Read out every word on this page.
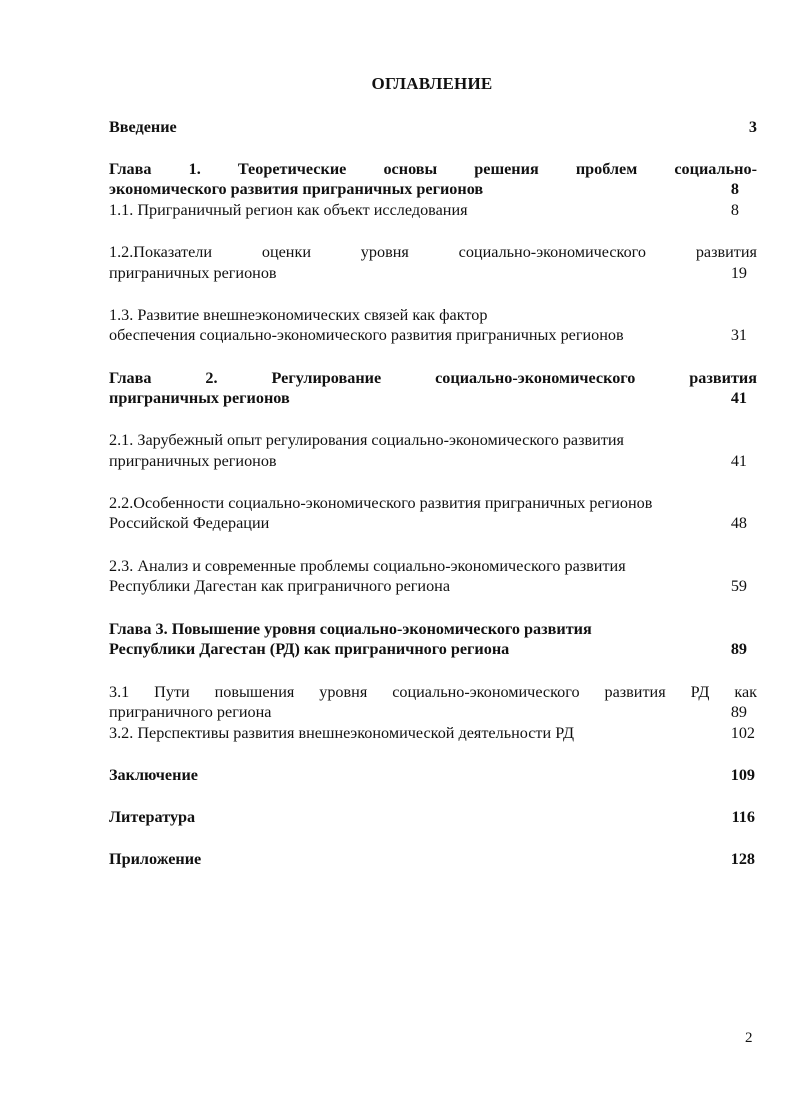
ОГЛАВЛЕНИЕ
Введение	3
Глава 1. Теоретические основы решения проблем социально-
экономического развития приграничных регионов	8
1.1. Приграничный регион как объект исследования	8
1.2.Показатели оценки уровня социально-экономического развития
приграничных регионов	19
1.3. Развитие внешнеэкономических связей как фактор
обеспечения социально-экономического развития приграничных регионов	31
Глава 2. Регулирование социально-экономического развития
приграничных регионов	41
2.1. Зарубежный опыт регулирования социально-экономического развития
приграничных регионов	41
2.2.Особенности социально-экономического развития приграничных регионов
Российской Федерации	48
2.3. Анализ и современные проблемы социально-экономического развития
Республики Дагестан как приграничного региона	59
Глава 3. Повышение уровня социально-экономического развития
Республики Дагестан (РД) как приграничного региона	89
3.1 Пути повышения уровня социально-экономического развития РД как
приграничного региона	89
3.2. Перспективы развития внешнеэкономической деятельности РД	102
Заключение	109
Литература	116
Приложение	128
2
